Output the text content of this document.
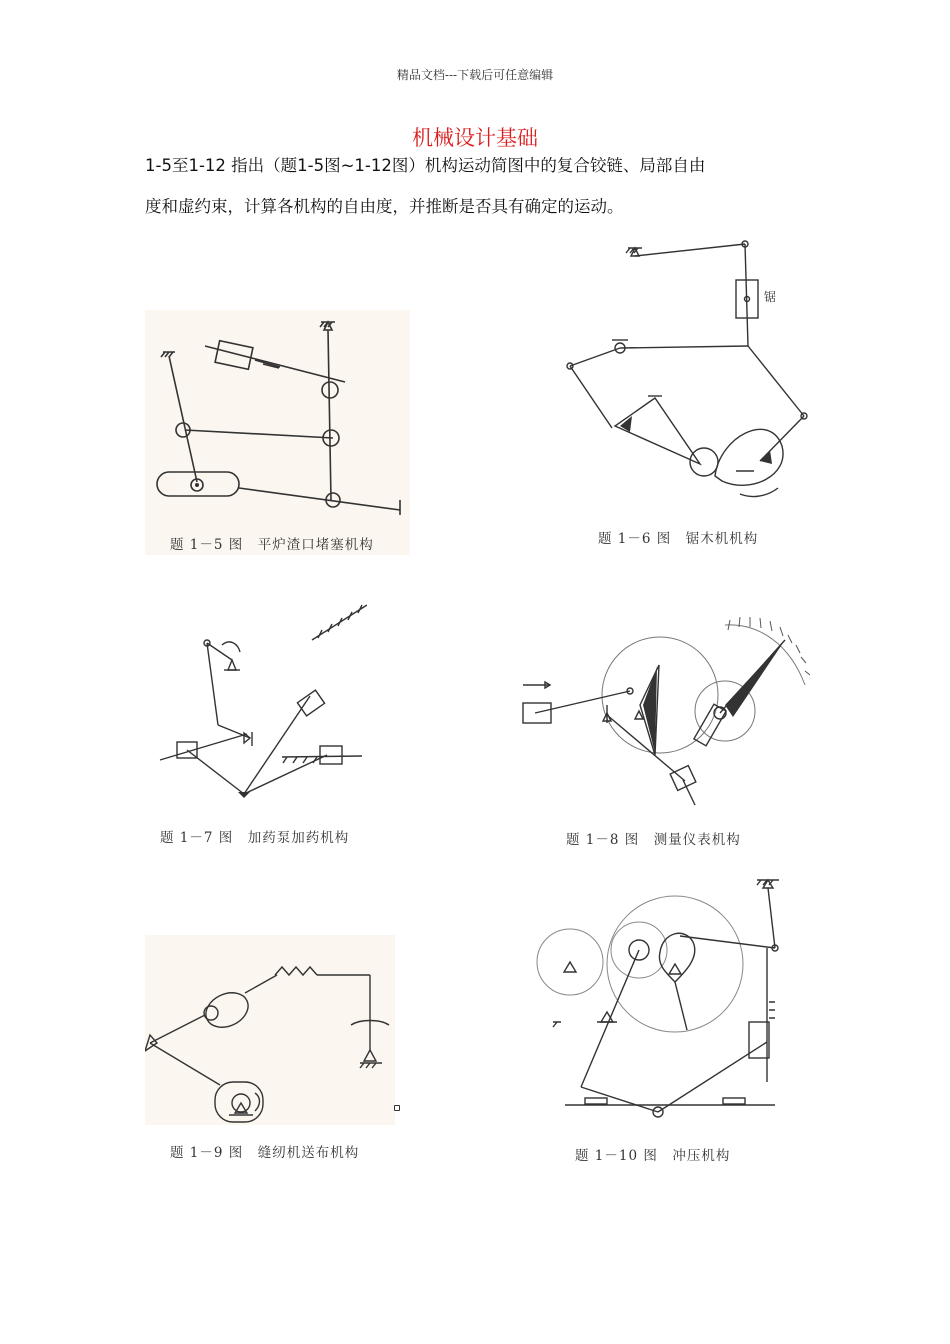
精品文档---下载后可任意编辑
机械设计基础
1-5至1-12 指出（题1-5图~1-12图）机构运动简图中的复合铰链、局部自由
度和虚约束，计算各机构的自由度，并推断是否具有确定的运动。
题 1－5 图　平炉渣口堵塞机构
锯
题 1－6 图　锯木机机构
题 1－7 图　加药泵加药机构	题 1－8 图　测量仪表机构
题 1－9 图　缝纫机送布机构	题 1－10 图　冲压机构
